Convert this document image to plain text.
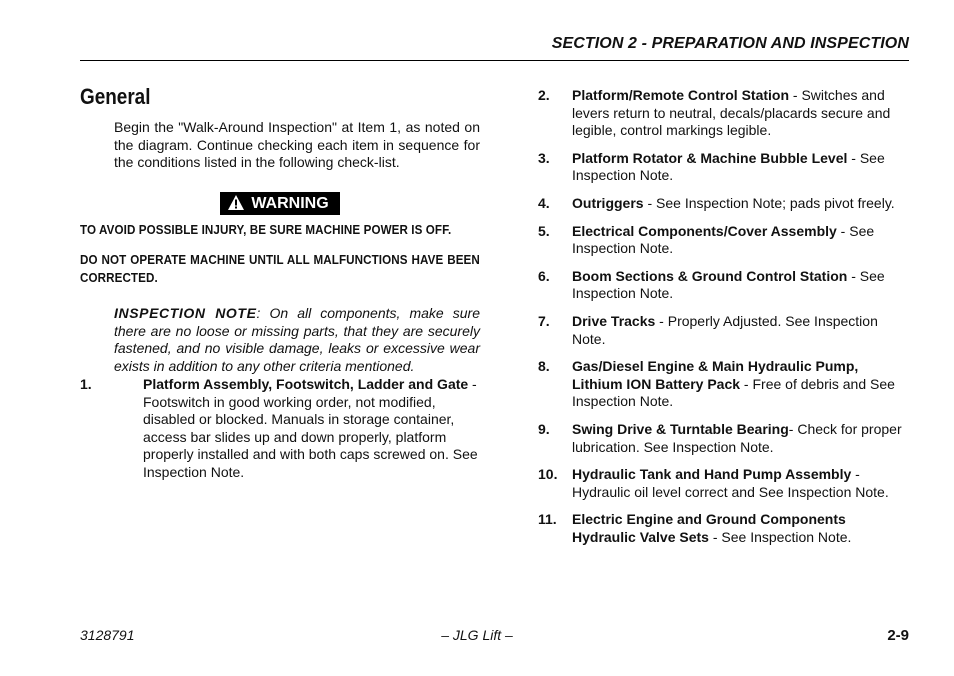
SECTION 2 - PREPARATION AND INSPECTION
General

Begin the "Walk-Around Inspection" at Item 1, as noted on the diagram. Continue checking each item in sequence for the conditions listed in the following check-list.

WARNING

TO AVOID POSSIBLE INJURY, BE SURE MACHINE POWER IS OFF.

DO NOT OPERATE MACHINE UNTIL ALL MALFUNCTIONS HAVE BEEN CORRECTED.

INSPECTION NOTE: On all components, make sure there are no loose or missing parts, that they are securely fastened, and no visible damage, leaks or excessive wear exists in addition to any other criteria mentioned.

1.	Platform Assembly, Footswitch, Ladder and Gate - Footswitch in good working order, not modified, disabled or blocked. Manuals in storage container, access bar slides up and down properly, platform properly installed and with both caps screwed on. See Inspection Note.
2. Platform/Remote Control Station - Switches and levers return to neutral, decals/placards secure and legible, control markings legible.
3. Platform Rotator & Machine Bubble Level - See Inspection Note.
4. Outriggers - See Inspection Note; pads pivot freely.
5. Electrical Components/Cover Assembly - See Inspection Note.
6. Boom Sections & Ground Control Station - See Inspection Note.
7. Drive Tracks - Properly Adjusted. See Inspection Note.
8. Gas/Diesel Engine & Main Hydraulic Pump, Lithium ION Battery Pack - Free of debris and See Inspection Note.
9. Swing Drive & Turntable Bearing- Check for proper lubrication. See Inspection Note.
10. Hydraulic Tank and Hand Pump Assembly - Hydraulic oil level correct and See Inspection Note.
11. Electric Engine and Ground Components Hydraulic Valve Sets - See Inspection Note.
– JLG Lift –
3128791	2-9
